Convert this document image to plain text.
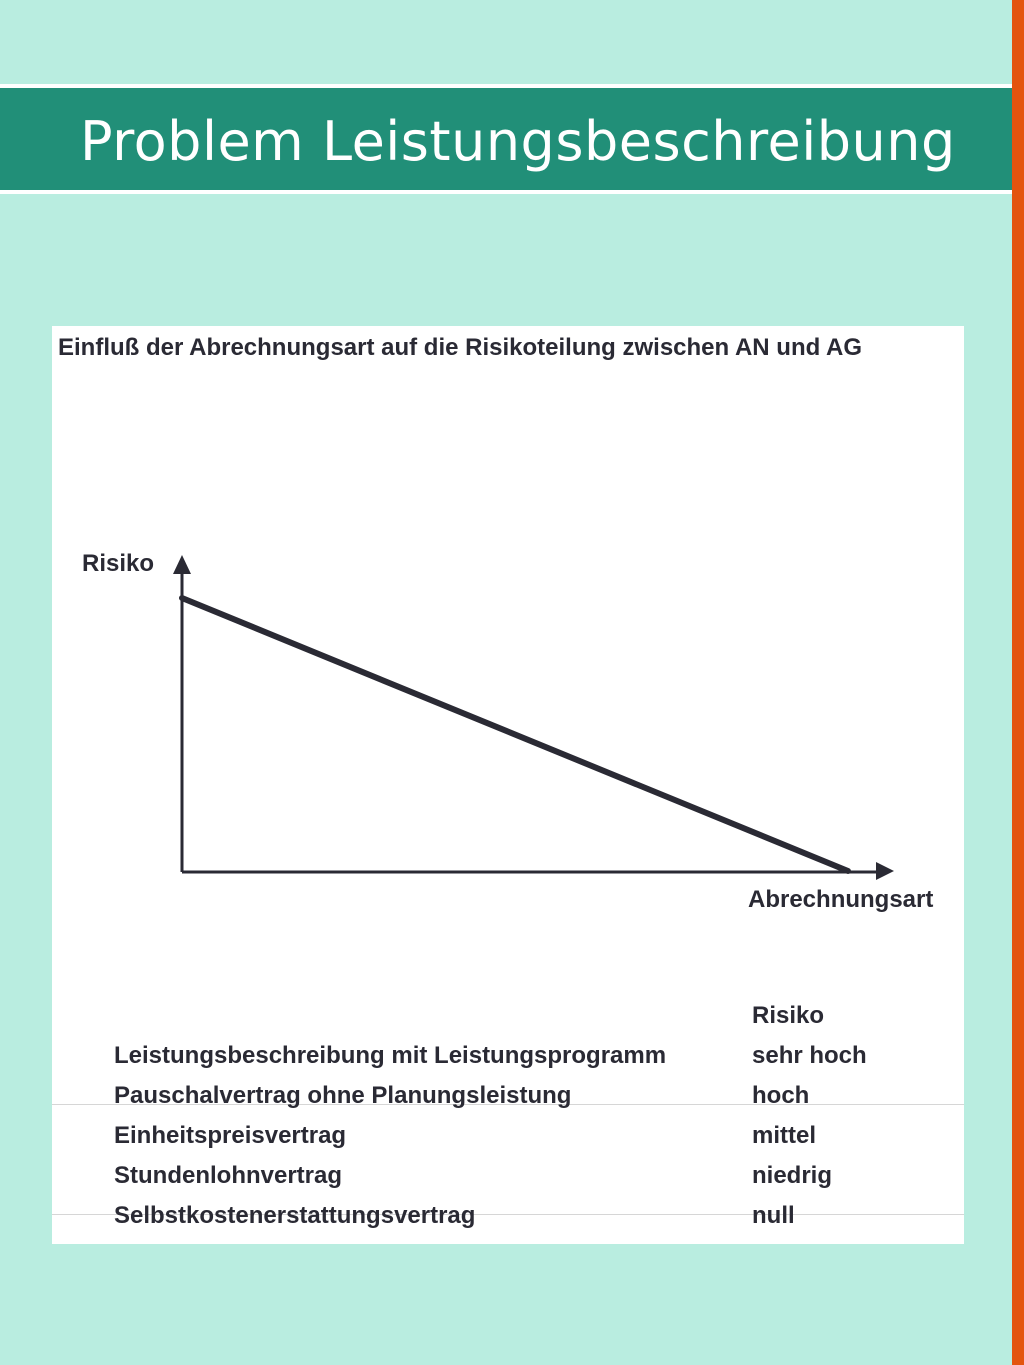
Problem Leistungsbeschreibung
Einfluß der Abrechnungsart auf die Risikoteilung zwischen AN und AG
Risiko
Abrechnungsart
Risiko
Leistungsbeschreibung mit Leistungsprogramm	sehr hoch
Pauschalvertrag ohne Planungsleistung	hoch
Einheitspreisvertrag	mittel
Stundenlohnvertrag	niedrig
Selbstkostenerstattungsvertrag	null
